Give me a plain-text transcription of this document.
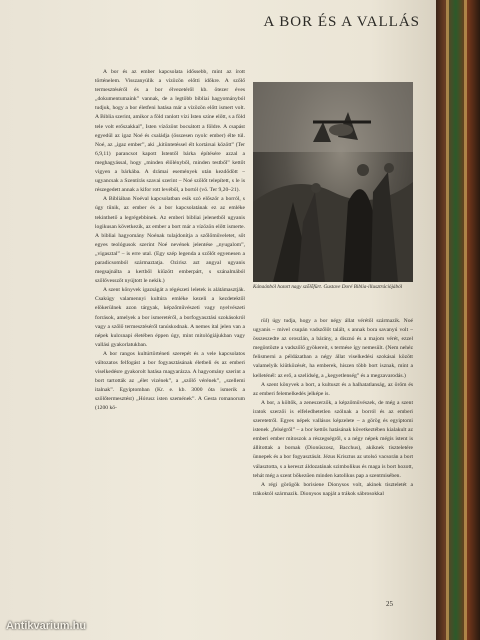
A BOR ÉS A VALLÁS

A bor és az ember kapcsolata időssebb, mint az írott történelem. Visszanyúlik a vízözön előtti időkre. A szőlő termesztéséről és a bor élvezetéről kb. ötezer éves „dokumentumaink” vannak, de a legtöbb bibliai hagyományból tudjuk, hogy a bor életfeni hatása már a vízözön előtt ismert volt. A Biblia szerint, amikor a föld ranlott vízi Isten színe előtt, s a föld tele volt erőszakkal”, Isten vízözönt bocsátott a földre. A csapást egyedül az igaz Noé és családja (összesen nyolc ember) élte túl. Noé, az „igaz ember”, aki „kitüntetéssel élt kortársai között” (Ter 6,9,11) parancsot kapott Istentől bárka építésére azzal a meghagyással, hogy „minden élőlényből, minden testből” kettőt vigyen a bárkába. A drámai események után kezdődött – ugyancsak a Szentírás szavai szerint – Noé szőlőt telepített, s le is részegedett annak a kifor rott levéből, a bortól (vö. Ter 9,20–21).

A Bibliában Noéval kapcsolatban esik szó először a borról, s úgy tűnik, az ember és a bor kapcsolatának ez az emléke tekinthető a legrégebbinek. Az emberi bibliai jelenetből ugyanis logikusan következik, az ember a bort már a vízözön előtt ismerte. A bibliai hagyomány Noénak tulajdonítja a szőlőműveletet, sőt egyes teológusok szerint Noé nevének jelentése „nyugalom”, „vigasztal” – is erre utal. (Egy szép legenda a szőlőt egyenesen a paradicsomból származtatja. Ozirisz azt angyal ugyanis megsajnálta a kertből kiűzött emberpárt, s szánalmából szőlővesszőt nyújtott le nekik.)

A szent könyvek igazságát a régészeti leletek is alátámasztják. Csakúgy valamennyi kultúra emléke kezeli a kezdetektől elökerülnek azon tárgyak, képzőművészeti vagy nyelvészeti források, amelyek a bor ismeretéről, a borfogyasztási szokásokról vagy a szőlő termesztéséről tanúskodnak. A nemes ital jelen van a népek kulcsnapi életében éppen úgy, mint mitológiájukban vagy vallási gyakorlatukban.

A bor rangos kultúrtörténeti szerepét és a vele kapcsolatos változatos felfogást a bor fogyasztásának életbeli és az emberi viselkedésre gyakorolt hatása magyarázza. A hagyomány szerint a bort tartották az „élet vizének”, a „szőlő vérének”, „szellemi italnak”. Egyiptomban (Kr. e. kb. 3000 óta ismerik a szőlőtermesztést) „Hórusz isten szemének”. A Gesta romanorum (1200 kö-

Kánaánból hozott nagy szőlőfürt. Gustave Doré Biblia-illusztrációjából

rül) úgy tudja, hogy a bor négy állat vérétől származik. Noé ugyanis – mivel csupán vadszőlőt talált, s annak bora savanyú volt – összeszedte az oroszlán, a bárány, a disznó és a majom vérét, ezzel megöntözte a vadszőlő gyökereit, s termése így nemesült. (Nem nehéz felismerni a példázatban a négy állat viselkedési szokásai között valamelyik kiütközését, ha emberek, hiszen több bort isznak, mint a kelleténél: az erő, a szelídség, a „kegyetlenség” és a megzavarodás.)

A szent könyvek a bort, a kultuszt és a halhatatlanság, az öröm és az emberi felemelkedés jelképe is.

A bor, a költők, a zeneszerzők, a képzőművészek, de még a szent iratok szerzői is elfeledhetetlen szólnak a borról és az emberi szeretetről. Egyes népek vallásos képzelete – a görög és egyiptomi istenek „felségről” – a bor kettős hatásának következtében kialakult az emberi ember mítoszok a részegségről, s a négy népek mégis istent is állítottak a bornak (Dionüszosz, Bacchus), akiknek tiszteletére ünnepek és a bor fogyasztását. Jézus Krisztus az utolsó vacsorán a bort választotta, s a kereszt áldozatának szimbolikus és maga is bort hozott, tehát még a szent bőkezűen minden katolikus pap a szentmisében.

A régi görögök borisiene Dionysos volt, akinek tiszteletét a trákoktól származik. Dionysos napját a trákok sábrosokkal

25
Antikvarium.hu
